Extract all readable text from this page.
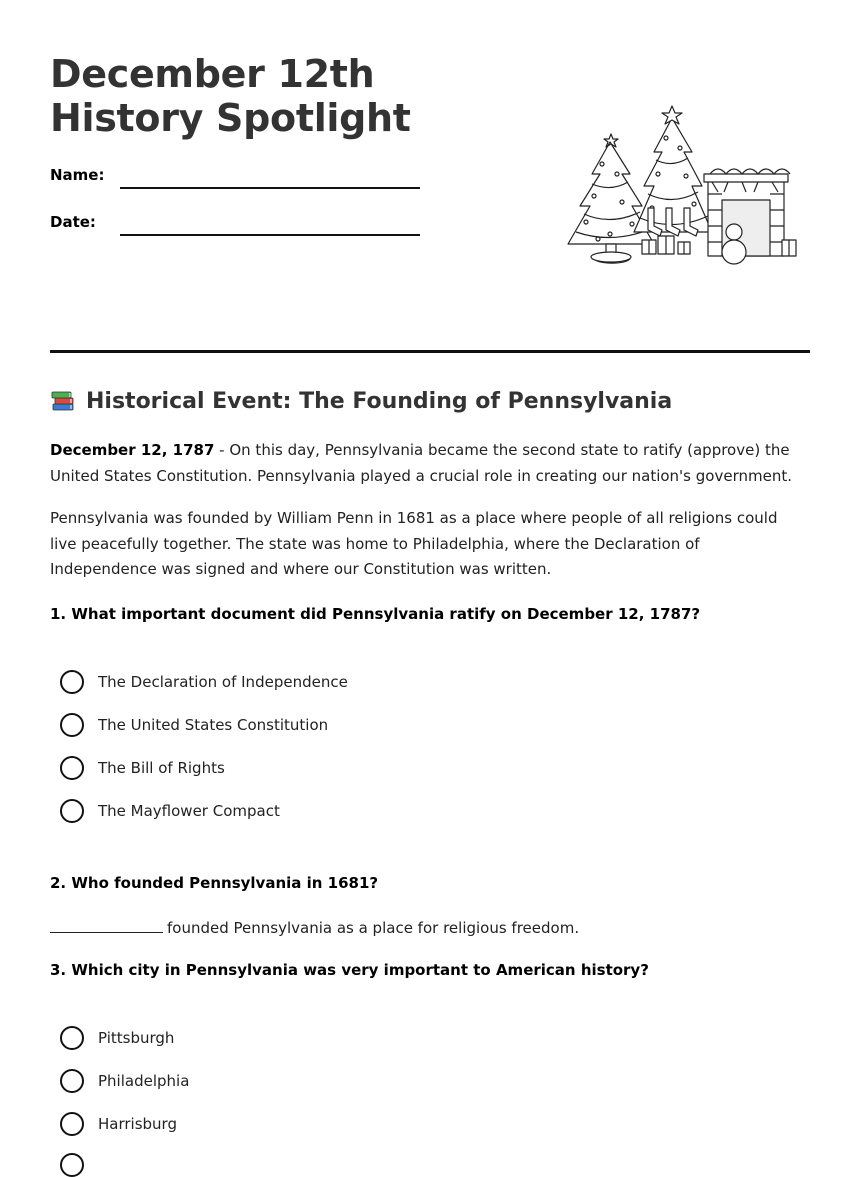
December 12th History Spotlight
Name:
Date:
Historical Event: The Founding of Pennsylvania

December 12, 1787 - On this day, Pennsylvania became the second state to ratify (approve) the United States Constitution. Pennsylvania played a crucial role in creating our nation's government.

Pennsylvania was founded by William Penn in 1681 as a place where people of all religions could live peacefully together. The state was home to Philadelphia, where the Declaration of Independence was signed and where our Constitution was written.

1. What important document did Pennsylvania ratify on December 12, 1787?

The Declaration of Independence
The United States Constitution
The Bill of Rights
The Mayflower Compact

2. Who founded Pennsylvania in 1681?

founded Pennsylvania as a place for religious freedom.

3. Which city in Pennsylvania was very important to American history?

Pittsburgh
Philadelphia
Harrisburg
